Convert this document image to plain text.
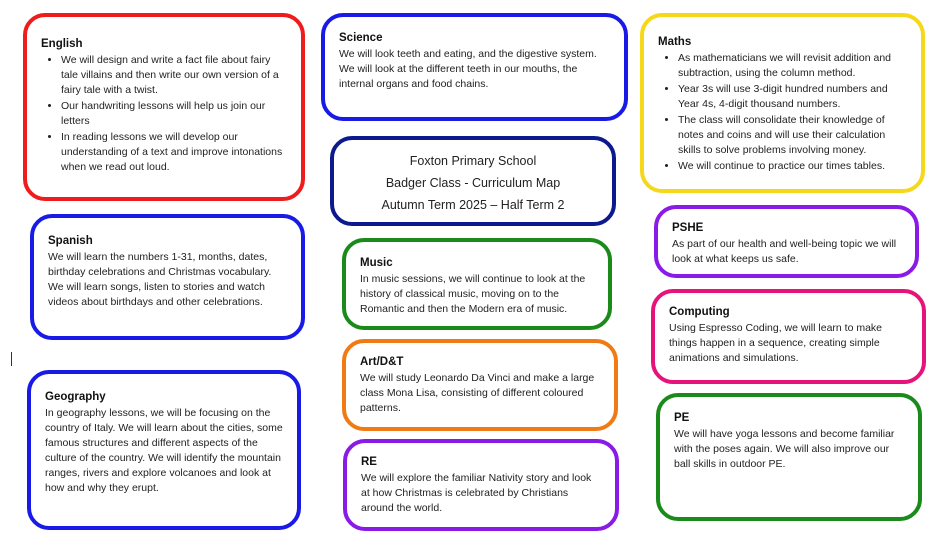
English
• We will design and write a fact file about fairy tale villains and then write our own version of a fairy tale with a twist.
• Our handwriting lessons will help us join our letters
• In reading lessons we will develop our understanding of a text and improve intonations when we read out loud.
Science

We will look teeth and eating, and the digestive system. We will look at the different teeth in our mouths, the internal organs and food chains.

Maths
• As mathematicians we will revisit addition and subtraction, using the column method.
• Year 3s will use 3-digit hundred numbers and Year 4s, 4-digit thousand numbers.
• The class will consolidate their knowledge of notes and coins and will use their calculation skills to solve problems involving money.
• We will continue to practice our times tables.
Foxton Primary School
Badger Class - Curriculum Map
Autumn Term 2025 – Half Term 2
Spanish

We will learn the numbers 1-31, months, dates, birthday celebrations and Christmas vocabulary. We will learn songs, listen to stories and watch videos about birthdays and other celebrations.

PSHE

As part of our health and well-being topic we will look at what keeps us safe.

Music

In music sessions, we will continue to look at the history of classical music, moving on to the Romantic and then the Modern era of music.	Computing

Using Espresso Coding, we will learn to make things happen in a sequence, creating simple animations and simulations.

Art/D&T

We will study Leonardo Da Vinci and make a large class Mona Lisa, consisting of different coloured patterns.

Geography

In geography lessons, we will be focusing on the country of Italy. We will learn about the cities, some famous structures and different aspects of the culture of the country. We will identify the mountain ranges, rivers and explore volcanoes and look at how and why they erupt.

PE

We will have yoga lessons and become familiar with the poses again. We will also improve our ball skills in outdoor PE.

RE

We will explore the familiar Nativity story and look at how Christmas is celebrated by Christians around the world.
